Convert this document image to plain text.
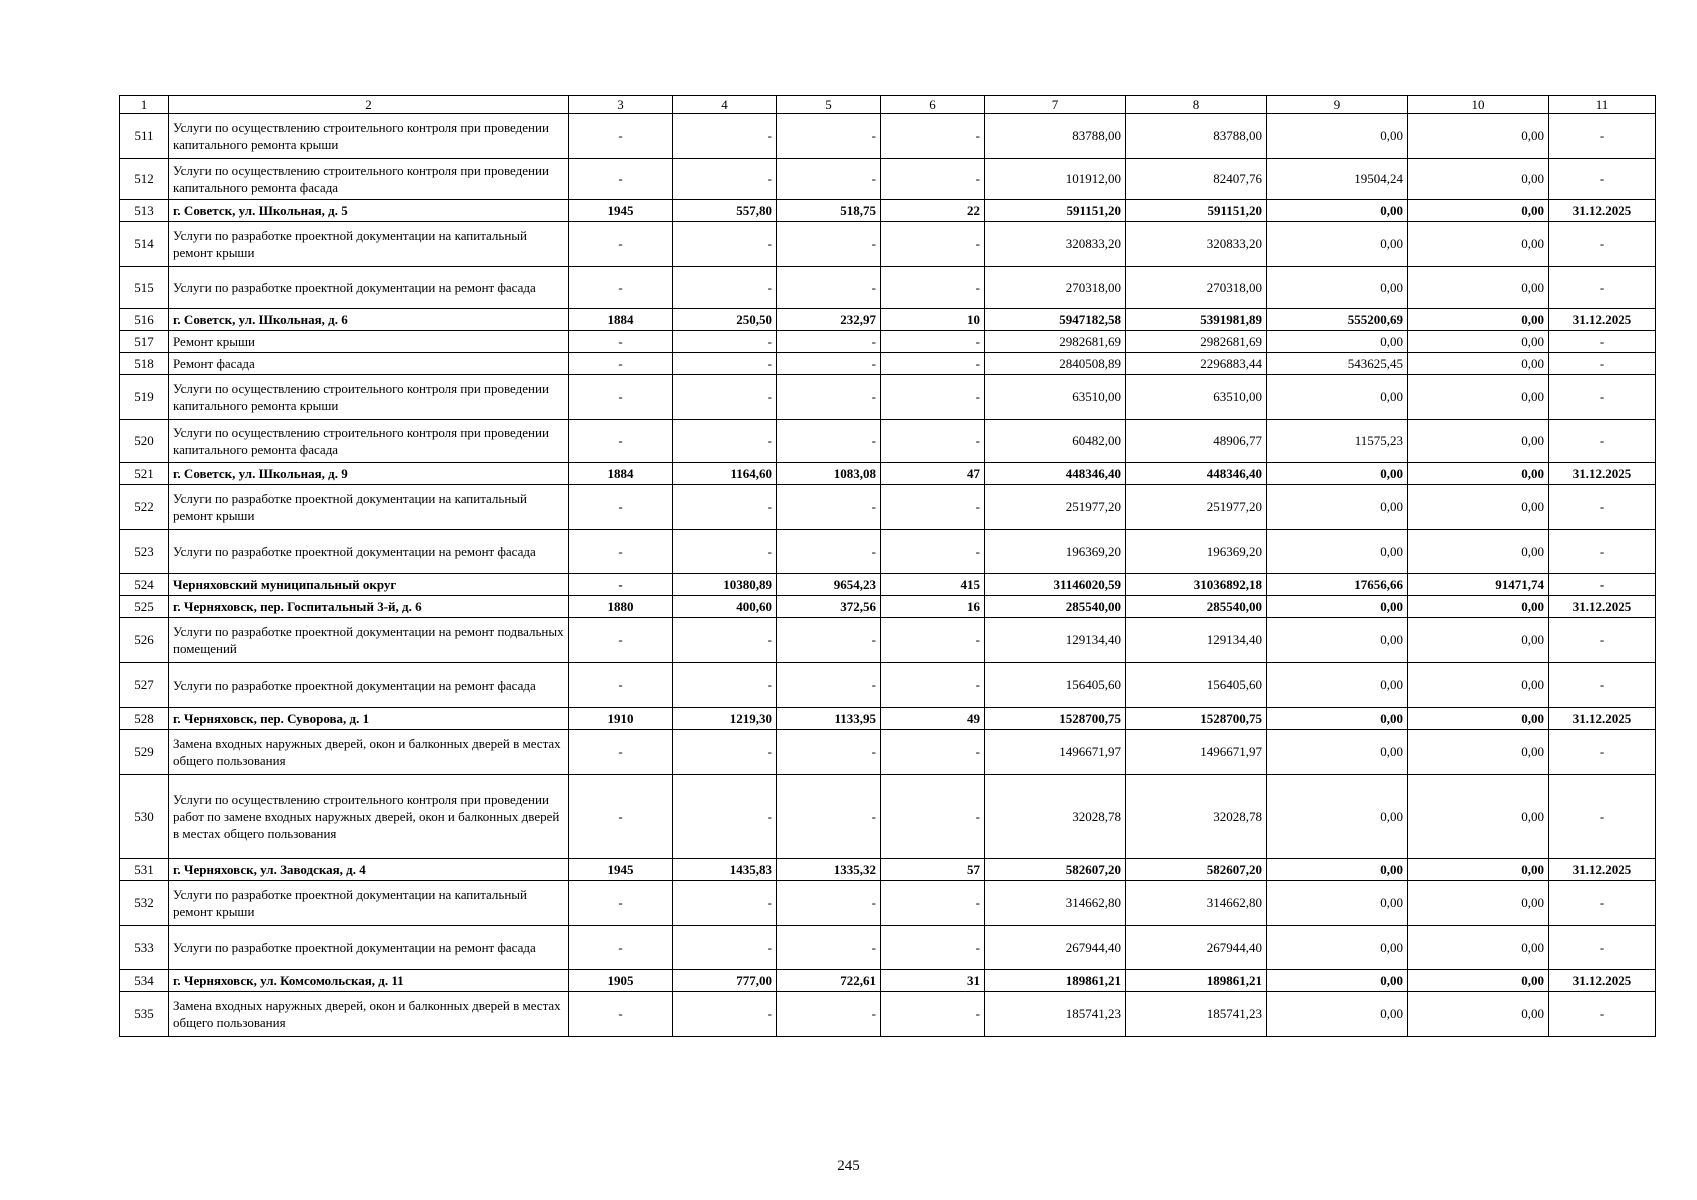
1	2	3	4	5	6	7	8	9	10	11
511	Услуги по осуществлению строительного контроля при проведении капитального ремонта крыши	-	-	-	-	83788,00	83788,00	0,00	0,00	-
512	Услуги по осуществлению строительного контроля при проведении капитального ремонта фасада	-	-	-	-	101912,00	82407,76	19504,24	0,00	-
513	г. Советск, ул. Школьная, д. 5	1945	557,80	518,75	22	591151,20	591151,20	0,00	0,00	31.12.2025
514	Услуги по разработке проектной документации на капитальный ремонт крыши	-	-	-	-	320833,20	320833,20	0,00	0,00	-
515	Услуги по разработке проектной документации на ремонт фасада	-	-	-	-	270318,00	270318,00	0,00	0,00	-
516	г. Советск, ул. Школьная, д. 6	1884	250,50	232,97	10	5947182,58	5391981,89	555200,69	0,00	31.12.2025
517	Ремонт крыши	-	-	-	-	2982681,69	2982681,69	0,00	0,00	-
518	Ремонт фасада	-	-	-	-	2840508,89	2296883,44	543625,45	0,00	-
519	Услуги по осуществлению строительного контроля при проведении капитального ремонта крыши	-	-	-	-	63510,00	63510,00	0,00	0,00	-
520	Услуги по осуществлению строительного контроля при проведении капитального ремонта фасада	-	-	-	-	60482,00	48906,77	11575,23	0,00	-
521	г. Советск, ул. Школьная, д. 9	1884	1164,60	1083,08	47	448346,40	448346,40	0,00	0,00	31.12.2025
522	Услуги по разработке проектной документации на капитальный ремонт крыши	-	-	-	-	251977,20	251977,20	0,00	0,00	-
523	Услуги по разработке проектной документации на ремонт фасада	-	-	-	-	196369,20	196369,20	0,00	0,00	-
524	Черняховский муниципальный округ	-	10380,89	9654,23	415	31146020,59	31036892,18	17656,66	91471,74	-
525	г. Черняховск, пер. Госпитальный 3-й, д. 6	1880	400,60	372,56	16	285540,00	285540,00	0,00	0,00	31.12.2025
526	Услуги по разработке проектной документации на ремонт подвальных помещений	-	-	-	-	129134,40	129134,40	0,00	0,00	-
527	Услуги по разработке проектной документации на ремонт фасада	-	-	-	-	156405,60	156405,60	0,00	0,00	-
528	г. Черняховск, пер. Суворова, д. 1	1910	1219,30	1133,95	49	1528700,75	1528700,75	0,00	0,00	31.12.2025
529	Замена входных наружных дверей, окон и балконных дверей в местах общего пользования	-	-	-	-	1496671,97	1496671,97	0,00	0,00	-
530	Услуги по осуществлению строительного контроля при проведении работ по замене входных наружных дверей, окон и балконных дверей в местах общего пользования	-	-	-	-	32028,78	32028,78	0,00	0,00	-
531	г. Черняховск, ул. Заводская, д. 4	1945	1435,83	1335,32	57	582607,20	582607,20	0,00	0,00	31.12.2025
532	Услуги по разработке проектной документации на капитальный ремонт крыши	-	-	-	-	314662,80	314662,80	0,00	0,00	-
533	Услуги по разработке проектной документации на ремонт фасада	-	-	-	-	267944,40	267944,40	0,00	0,00	-
534	г. Черняховск, ул. Комсомольская, д. 11	1905	777,00	722,61	31	189861,21	189861,21	0,00	0,00	31.12.2025
535	Замена входных наружных дверей, окон и балконных дверей в местах общего пользования	-	-	-	-	185741,23	185741,23	0,00	0,00	-
245
